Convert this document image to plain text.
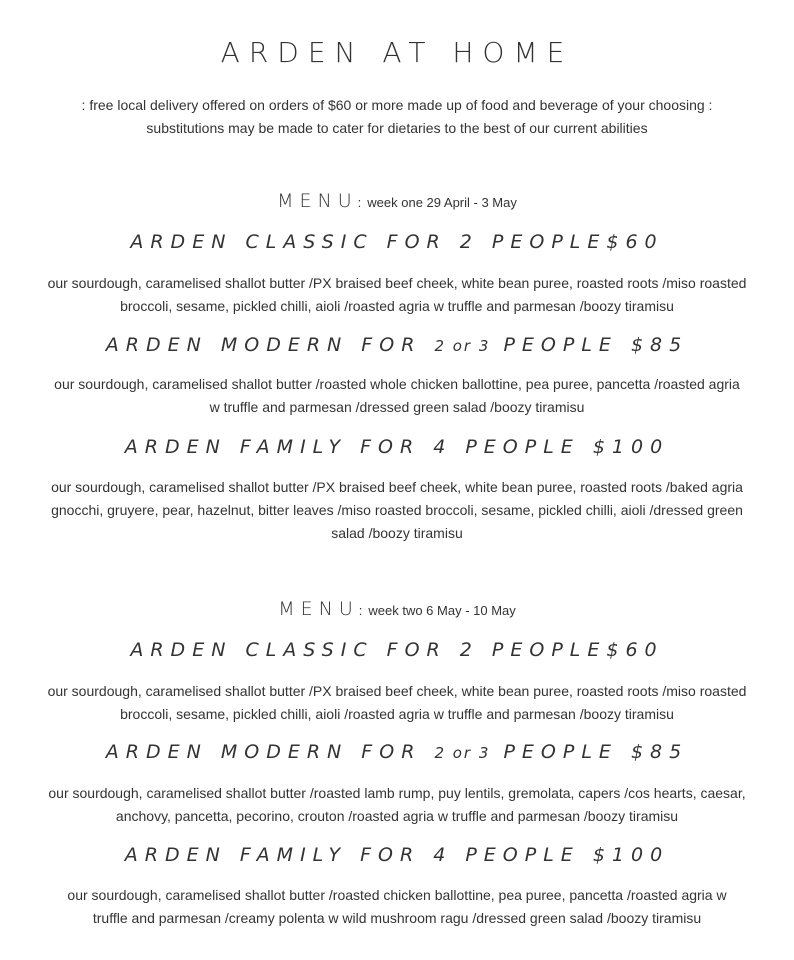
ARDEN AT HOME
: free local delivery offered on orders of $60 or more made up of food and beverage of your choosing :
substitutions may be made to cater for dietaries to the best of our current abilities
MENU: week one 29 April - 3 May
ARDEN CLASSIC FOR 2 PEOPLE$60
our sourdough, caramelised shallot butter /PX braised beef cheek, white bean puree, roasted roots /miso roasted
broccoli, sesame, pickled chilli, aioli /roasted agria w truffle and parmesan /boozy tiramisu
ARDEN MODERN FOR 2 or 3 PEOPLE $85
our sourdough, caramelised shallot butter /roasted whole chicken ballottine, pea puree, pancetta /roasted agria
w truffle and parmesan /dressed green salad /boozy tiramisu
ARDEN FAMILY FOR 4 PEOPLE $100
our sourdough, caramelised shallot butter /PX braised beef cheek, white bean puree, roasted roots /baked agria
gnocchi, gruyere, pear, hazelnut, bitter leaves /miso roasted broccoli, sesame, pickled chilli, aioli /dressed green
salad /boozy tiramisu
MENU: week two 6 May - 10 May
ARDEN CLASSIC FOR 2 PEOPLE$60
our sourdough, caramelised shallot butter /PX braised beef cheek, white bean puree, roasted roots /miso roasted
broccoli, sesame, pickled chilli, aioli /roasted agria w truffle and parmesan /boozy tiramisu
ARDEN MODERN FOR 2 or 3 PEOPLE $85
our sourdough, caramelised shallot butter /roasted lamb rump, puy lentils, gremolata, capers /cos hearts, caesar,
anchovy, pancetta, pecorino, crouton /roasted agria w truffle and parmesan /boozy tiramisu
ARDEN FAMILY FOR 4 PEOPLE $100
our sourdough, caramelised shallot butter /roasted chicken ballottine, pea puree, pancetta /roasted agria w
truffle and parmesan /creamy polenta w wild mushroom ragu /dressed green salad /boozy tiramisu
